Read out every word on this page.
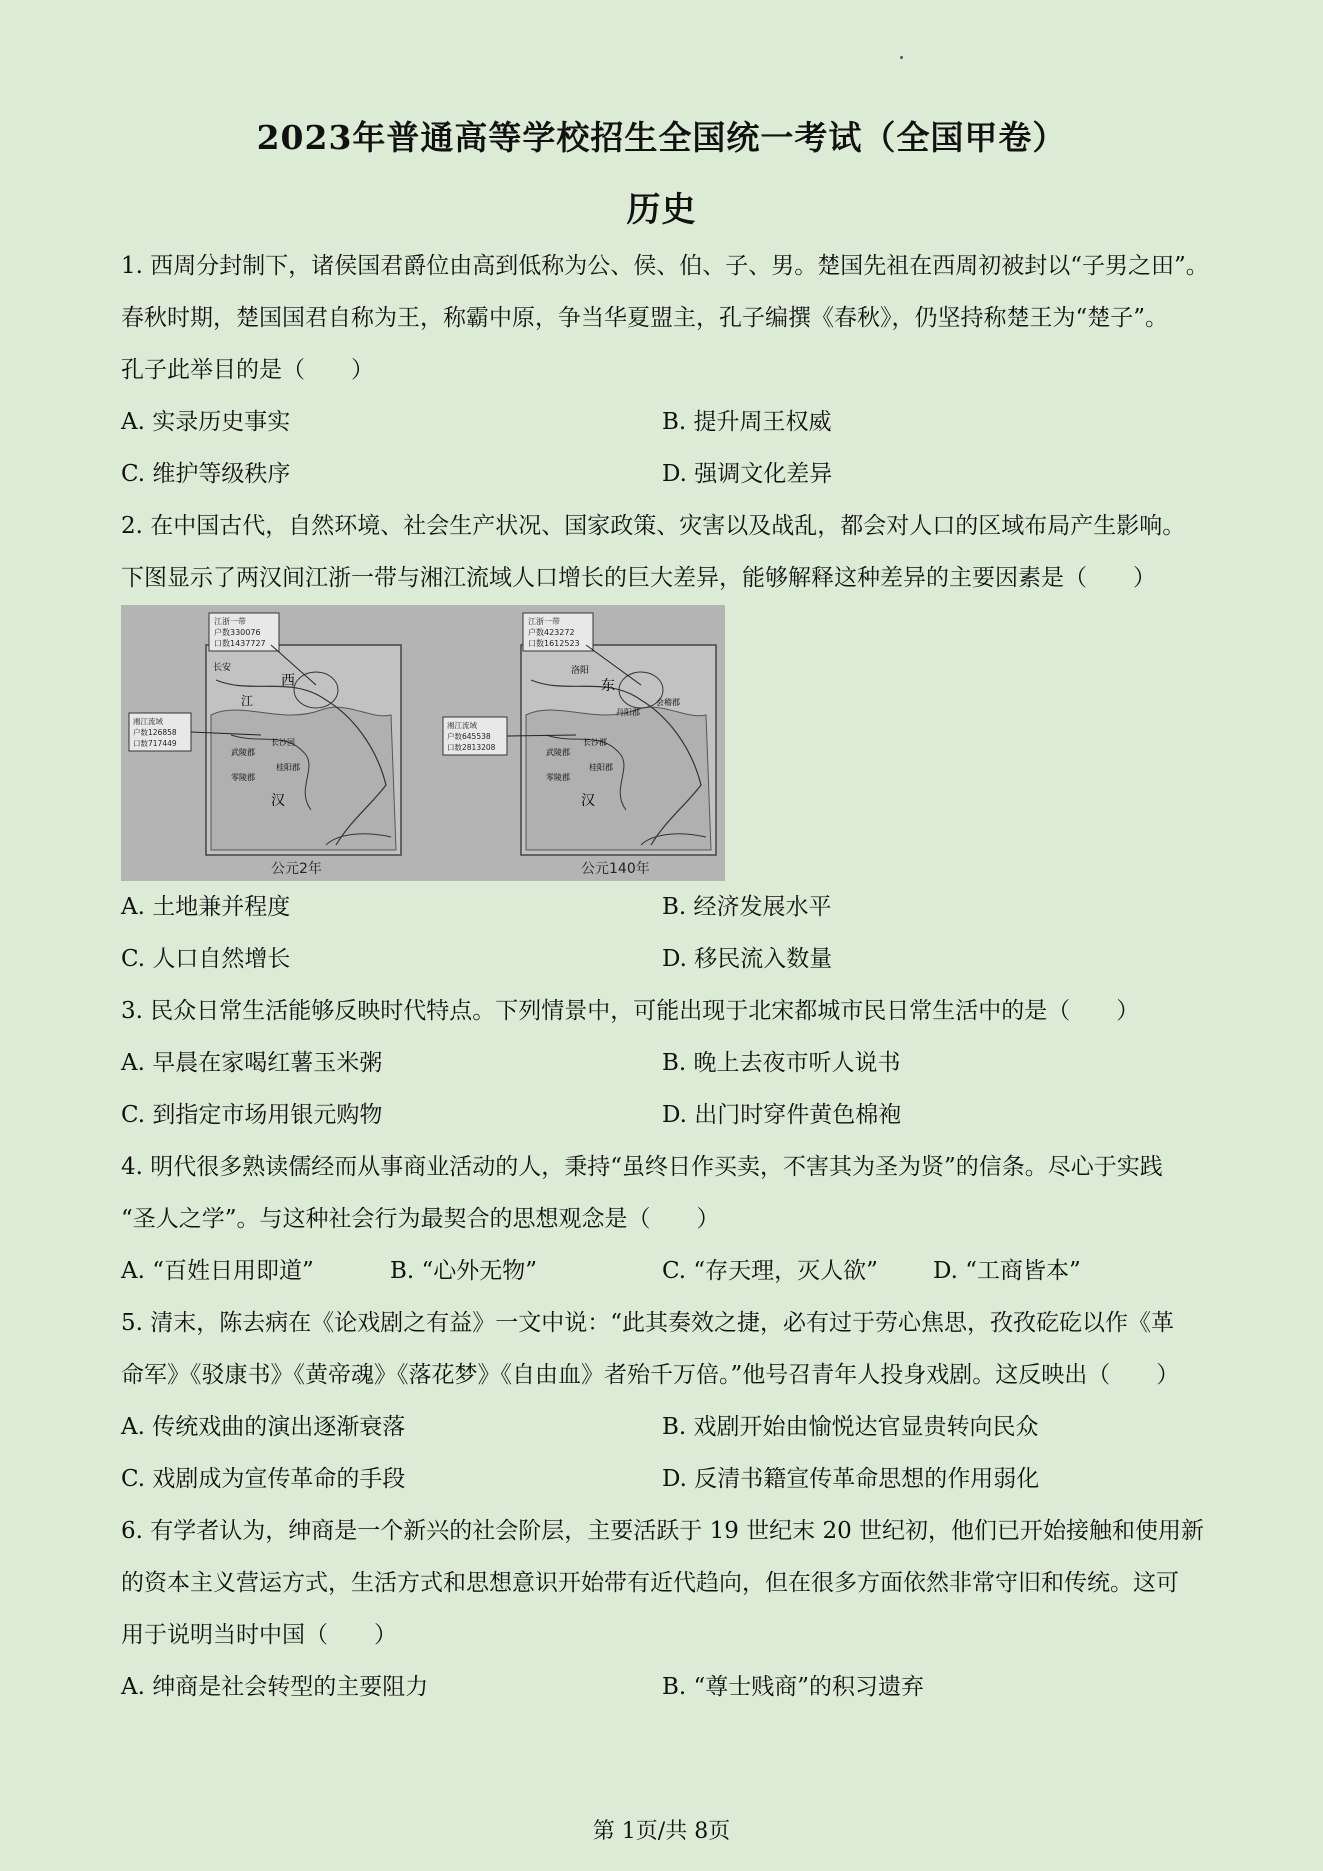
2023年普通高等学校招生全国统一考试（全国甲卷）
历史
1. 西周分封制下，诸侯国君爵位由高到低称为公、侯、伯、子、男。楚国先祖在西周初被封以“子男之田”。
春秋时期，楚国国君自称为王，称霸中原，争当华夏盟主，孔子编撰《春秋》，仍坚持称楚王为“楚子”。
孔子此举目的是（　　）
A. 实录历史事实	B. 提升周王权威
C. 维护等级秩序	D. 强调文化差异
2. 在中国古代，自然环境、社会生产状况、国家政策、灾害以及战乱，都会对人口的区域布局产生影响。
下图显示了两汉间江浙一带与湘江流域人口增长的巨大差异，能够解释这种差异的主要因素是（　　）
江浙一带
户数330076
口数1437727
湘江流域
户数126858
口数717449
长安
西
江
汉
武陵郡
长沙国
零陵郡
桂阳郡
公元2年
江浙一带
户数423272
口数1612523
湘江流域
户数645538
口数2813208
洛阳
东
汉
丹阳郡
会稽郡
武陵郡
长沙郡
零陵郡
桂阳郡
公元140年
A. 土地兼并程度	B. 经济发展水平
C. 人口自然增长	D. 移民流入数量
3. 民众日常生活能够反映时代特点。下列情景中，可能出现于北宋都城市民日常生活中的是（　　）
A. 早晨在家喝红薯玉米粥	B. 晚上去夜市听人说书
C. 到指定市场用银元购物	D. 出门时穿件黄色棉袍
4. 明代很多熟读儒经而从事商业活动的人，秉持“虽终日作买卖，不害其为圣为贤”的信条。尽心于实践
“圣人之学”。与这种社会行为最契合的思想观念是（　　）
A. “百姓日用即道”	B. “心外无物”	C. “存天理，灭人欲” D. “工商皆本”
5. 清末，陈去病在《论戏剧之有益》一文中说：“此其奏效之捷，必有过于劳心焦思，孜孜矻矻以作《革
命军》《驳康书》《黄帝魂》《落花梦》《自由血》者殆千万倍。”他号召青年人投身戏剧。这反映出（　　）
A. 传统戏曲的演出逐渐衰落	B. 戏剧开始由愉悦达官显贵转向民众
C. 戏剧成为宣传革命的手段	D. 反清书籍宣传革命思想的作用弱化
6. 有学者认为，绅商是一个新兴的社会阶层，主要活跃于 19 世纪末 20 世纪初，他们已开始接触和使用新
的资本主义营运方式，生活方式和思想意识开始带有近代趋向，但在很多方面依然非常守旧和传统。这可
用于说明当时中国（　　）
A. 绅商是社会转型的主要阻力	B. “尊士贱商”的积习遗弃
第 1页/共 8页
